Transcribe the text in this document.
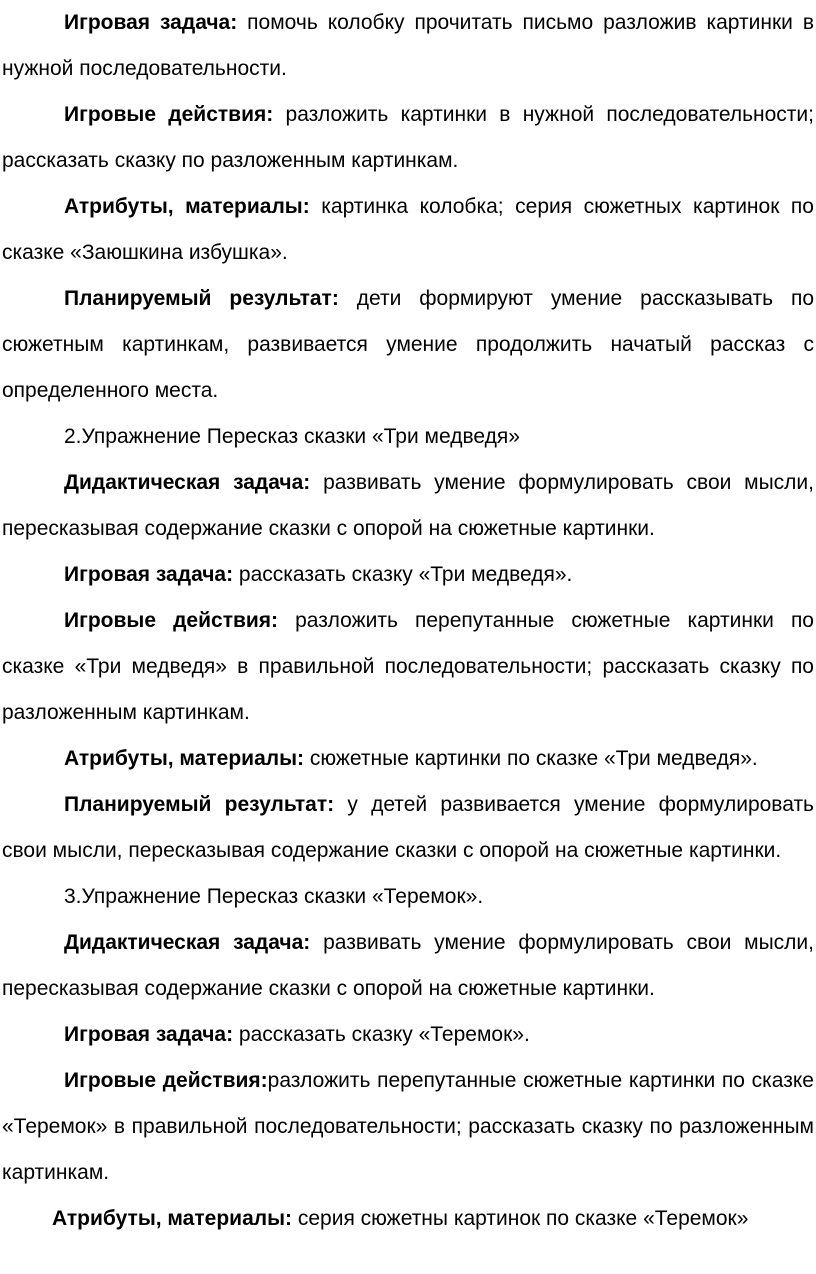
Игровая задача: помочь колобку прочитать письмо разложив картинки в нужной последовательности.

Игровые действия: разложить картинки в нужной последовательности; рассказать сказку по разложенным картинкам.

Атрибуты, материалы: картинка колобка; серия сюжетных картинок по сказке «Заюшкина избушка».

Планируемый результат: дети формируют умение рассказывать по сюжетным картинкам, развивается умение продолжить начатый рассказ с определенного места.

2.Упражнение Пересказ сказки «Три медведя»

Дидактическая задача: развивать умение формулировать свои мысли, пересказывая содержание сказки с опорой на сюжетные картинки.

Игровая задача: рассказать сказку «Три медведя».

Игровые действия: разложить перепутанные сюжетные картинки по сказке «Три медведя» в правильной последовательности; рассказать сказку по разложенным картинкам.

Атрибуты, материалы: сюжетные картинки по сказке «Три медведя».

Планируемый результат: у детей развивается умение формулировать свои мысли, пересказывая содержание сказки с опорой на сюжетные картинки.

3.Упражнение Пересказ сказки «Теремок».

Дидактическая задача: развивать умение формулировать свои мысли, пересказывая содержание сказки с опорой на сюжетные картинки.

Игровая задача: рассказать сказку «Теремок».

Игровые действия:разложить перепутанные сюжетные картинки по сказке «Теремок» в правильной последовательности; рассказать сказку по разложенным картинкам.

Атрибуты, материалы: серия сюжетны картинок по сказке «Теремок»
